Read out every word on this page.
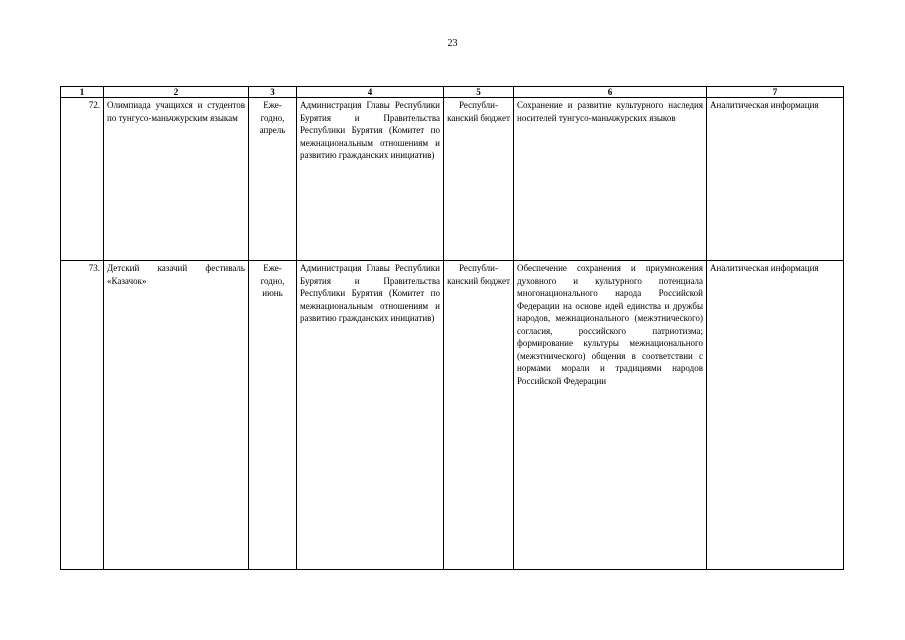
23
1	2	3	4	5	6	7
72.	Олимпиада учащихся и студентов по тунгусо-маньчжурским языкам	Еже-годно, апрель	Администрация Главы Республики Бурятия и Правительства Республики Бурятия (Комитет по межнациональным отношениям и развитию гражданских инициатив)	Республи-канский бюджет	Сохранение и развитие культурного наследия носителей тунгусо-маньчжурских языков	Аналитическая информация
73.	Детский казачий фестиваль «Казачок»	Еже-годно, июнь	Администрация Главы Республики Бурятия и Правительства Республики Бурятия (Комитет по межнациональным отношениям и развитию гражданских инициатив)	Республи-канский бюджет	Обеспечение сохранения и приумножения духовного и культурного потенциала многонационального народа Российской Федерации на основе идей единства и дружбы народов, межнационального (межэтнического) согласия, российского патриотизма; формирование культуры межнационального (межэтнического) общения в соответствии с нормами морали и традициями народов Российской Федерации	Аналитическая информация
